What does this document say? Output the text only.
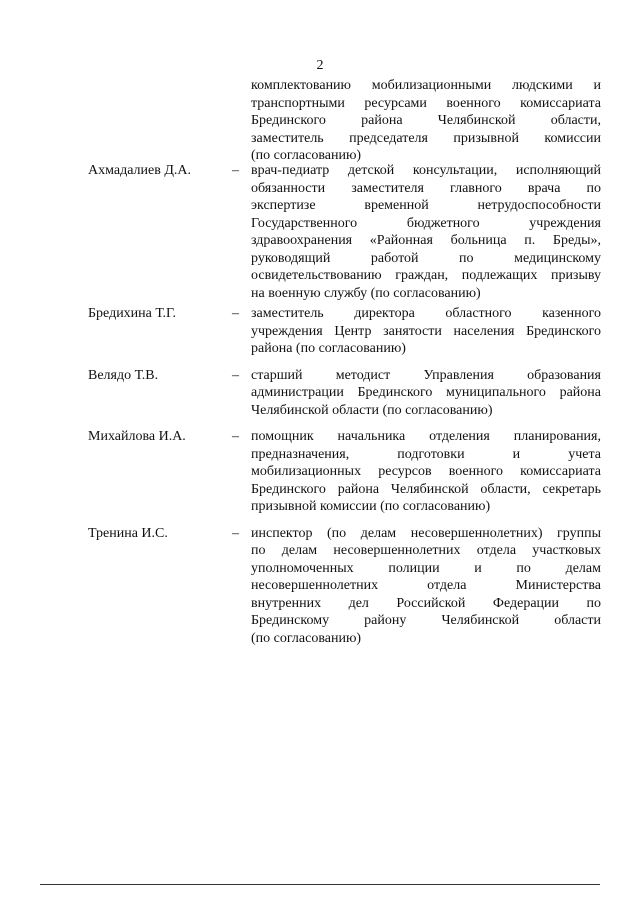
2
комплектованию мобилизационными людскими и
транспортными ресурсами военного комиссариата
Брединского района Челябинской области,
заместитель председателя призывной комиссии
(по согласованию)
Ахмадалиев Д.А.	– врач-педиатр детской консультации, исполняющий
обязанности заместителя главного врача по
экспертизе временной нетрудоспособности
Государственного бюджетного учреждения
здравоохранения «Районная больница п. Бреды»,
руководящий работой по медицинскому
освидетельствованию граждан, подлежащих призыву
на военную службу (по согласованию)
Бредихина Т.Г.	– заместитель директора областного казенного
учреждения Центр занятости населения Брединского
района (по согласованию)
Велядо Т.В.	– старший методист Управления образования
администрации Брединского муниципального района
Челябинской области (по согласованию)
Михайлова И.А.	– помощник начальника отделения планирования,
предназначения, подготовки и учета
мобилизационных ресурсов военного комиссариата
Брединского района Челябинской области, секретарь
призывной комиссии (по согласованию)
Тренина И.С.	– инспектор (по делам несовершеннолетних) группы
по делам несовершеннолетних отдела участковых
уполномоченных полиции и по делам
несовершеннолетних отдела Министерства
внутренних дел Российской Федерации по
Брединскому району Челябинской области
(по согласованию)
